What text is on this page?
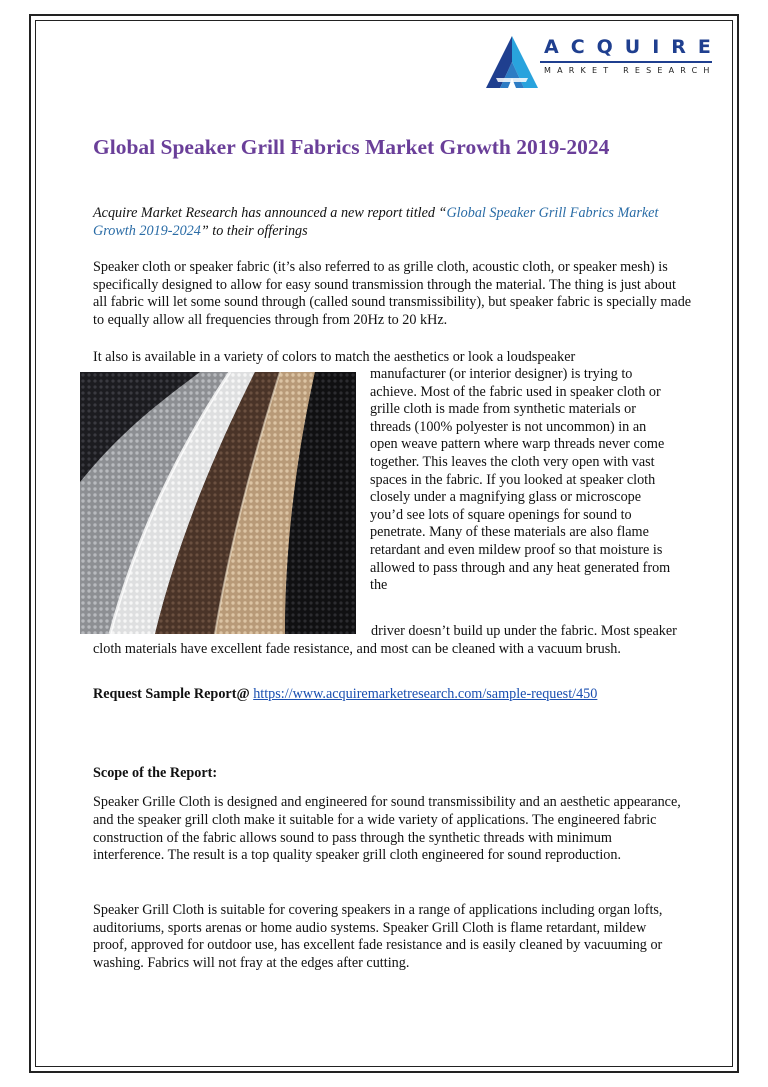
ACQUIRE
MARKET RESEARCH
Global Speaker Grill Fabrics Market Growth 2019-2024

Acquire Market Research has announced a new report titled “Global Speaker Grill Fabrics Market Growth 2019-2024” to their offerings

Speaker cloth or speaker fabric (it’s also referred to as grille cloth, acoustic cloth, or speaker mesh) is specifically designed to allow for easy sound transmission through the material. The thing is just about all fabric will let some sound through (called sound transmissibility), but speaker fabric is specially made to equally allow all frequencies through from 20Hz to 20 kHz.

It also is available in a variety of colors to match the aesthetics or look a loudspeaker

manufacturer (or interior designer) is trying to achieve. Most of the fabric used in speaker cloth or grille cloth is made from synthetic materials or threads (100% polyester is not uncommon) in an open weave pattern where warp threads never come together. This leaves the cloth very open with vast spaces in the fabric. If you looked at speaker cloth closely under a magnifying glass or microscope you’d see lots of square openings for sound to penetrate. Many of these materials are also flame retardant and even mildew proof so that moisture is allowed to pass through and any heat generated from the

driver doesn’t build up under the fabric. Most speaker cloth materials have excellent fade resistance, and most can be cleaned with a vacuum brush.

Request Sample Report@ https://www.acquiremarketresearch.com/sample-request/450

Scope of the Report:

Speaker Grille Cloth is designed and engineered for sound transmissibility and an aesthetic appearance, and the speaker grill cloth make it suitable for a wide variety of applications. The engineered fabric construction of the fabric allows sound to pass through the synthetic threads with minimum interference. The result is a top quality speaker grill cloth engineered for sound reproduction.

Speaker Grill Cloth is suitable for covering speakers in a range of applications including organ lofts, auditoriums, sports arenas or home audio systems. Speaker Grill Cloth is flame retardant, mildew proof, approved for outdoor use, has excellent fade resistance and is easily cleaned by vacuuming or washing. Fabrics will not fray at the edges after cutting.
